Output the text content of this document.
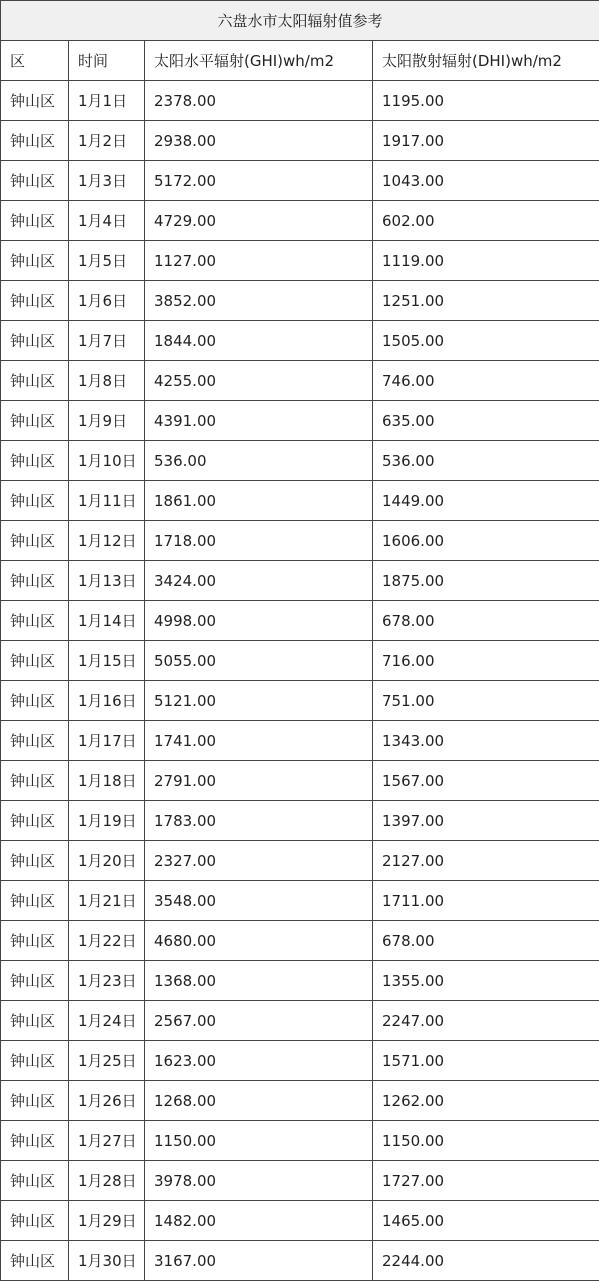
六盘水市太阳辐射值参考			
区	时间	太阳水平辐射(GHI)wh/m2	太阳散射辐射(DHI)wh/m2
钟山区	1月1日	2378.00	1195.00
钟山区	1月2日	2938.00	1917.00
钟山区	1月3日	5172.00	1043.00
钟山区	1月4日	4729.00	602.00
钟山区	1月5日	1127.00	1119.00
钟山区	1月6日	3852.00	1251.00
钟山区	1月7日	1844.00	1505.00
钟山区	1月8日	4255.00	746.00
钟山区	1月9日	4391.00	635.00
钟山区	1月10日	536.00	536.00
钟山区	1月11日	1861.00	1449.00
钟山区	1月12日	1718.00	1606.00
钟山区	1月13日	3424.00	1875.00
钟山区	1月14日	4998.00	678.00
钟山区	1月15日	5055.00	716.00
钟山区	1月16日	5121.00	751.00
钟山区	1月17日	1741.00	1343.00
钟山区	1月18日	2791.00	1567.00
钟山区	1月19日	1783.00	1397.00
钟山区	1月20日	2327.00	2127.00
钟山区	1月21日	3548.00	1711.00
钟山区	1月22日	4680.00	678.00
钟山区	1月23日	1368.00	1355.00
钟山区	1月24日	2567.00	2247.00
钟山区	1月25日	1623.00	1571.00
钟山区	1月26日	1268.00	1262.00
钟山区	1月27日	1150.00	1150.00
钟山区	1月28日	3978.00	1727.00
钟山区	1月29日	1482.00	1465.00
钟山区	1月30日	3167.00	2244.00
